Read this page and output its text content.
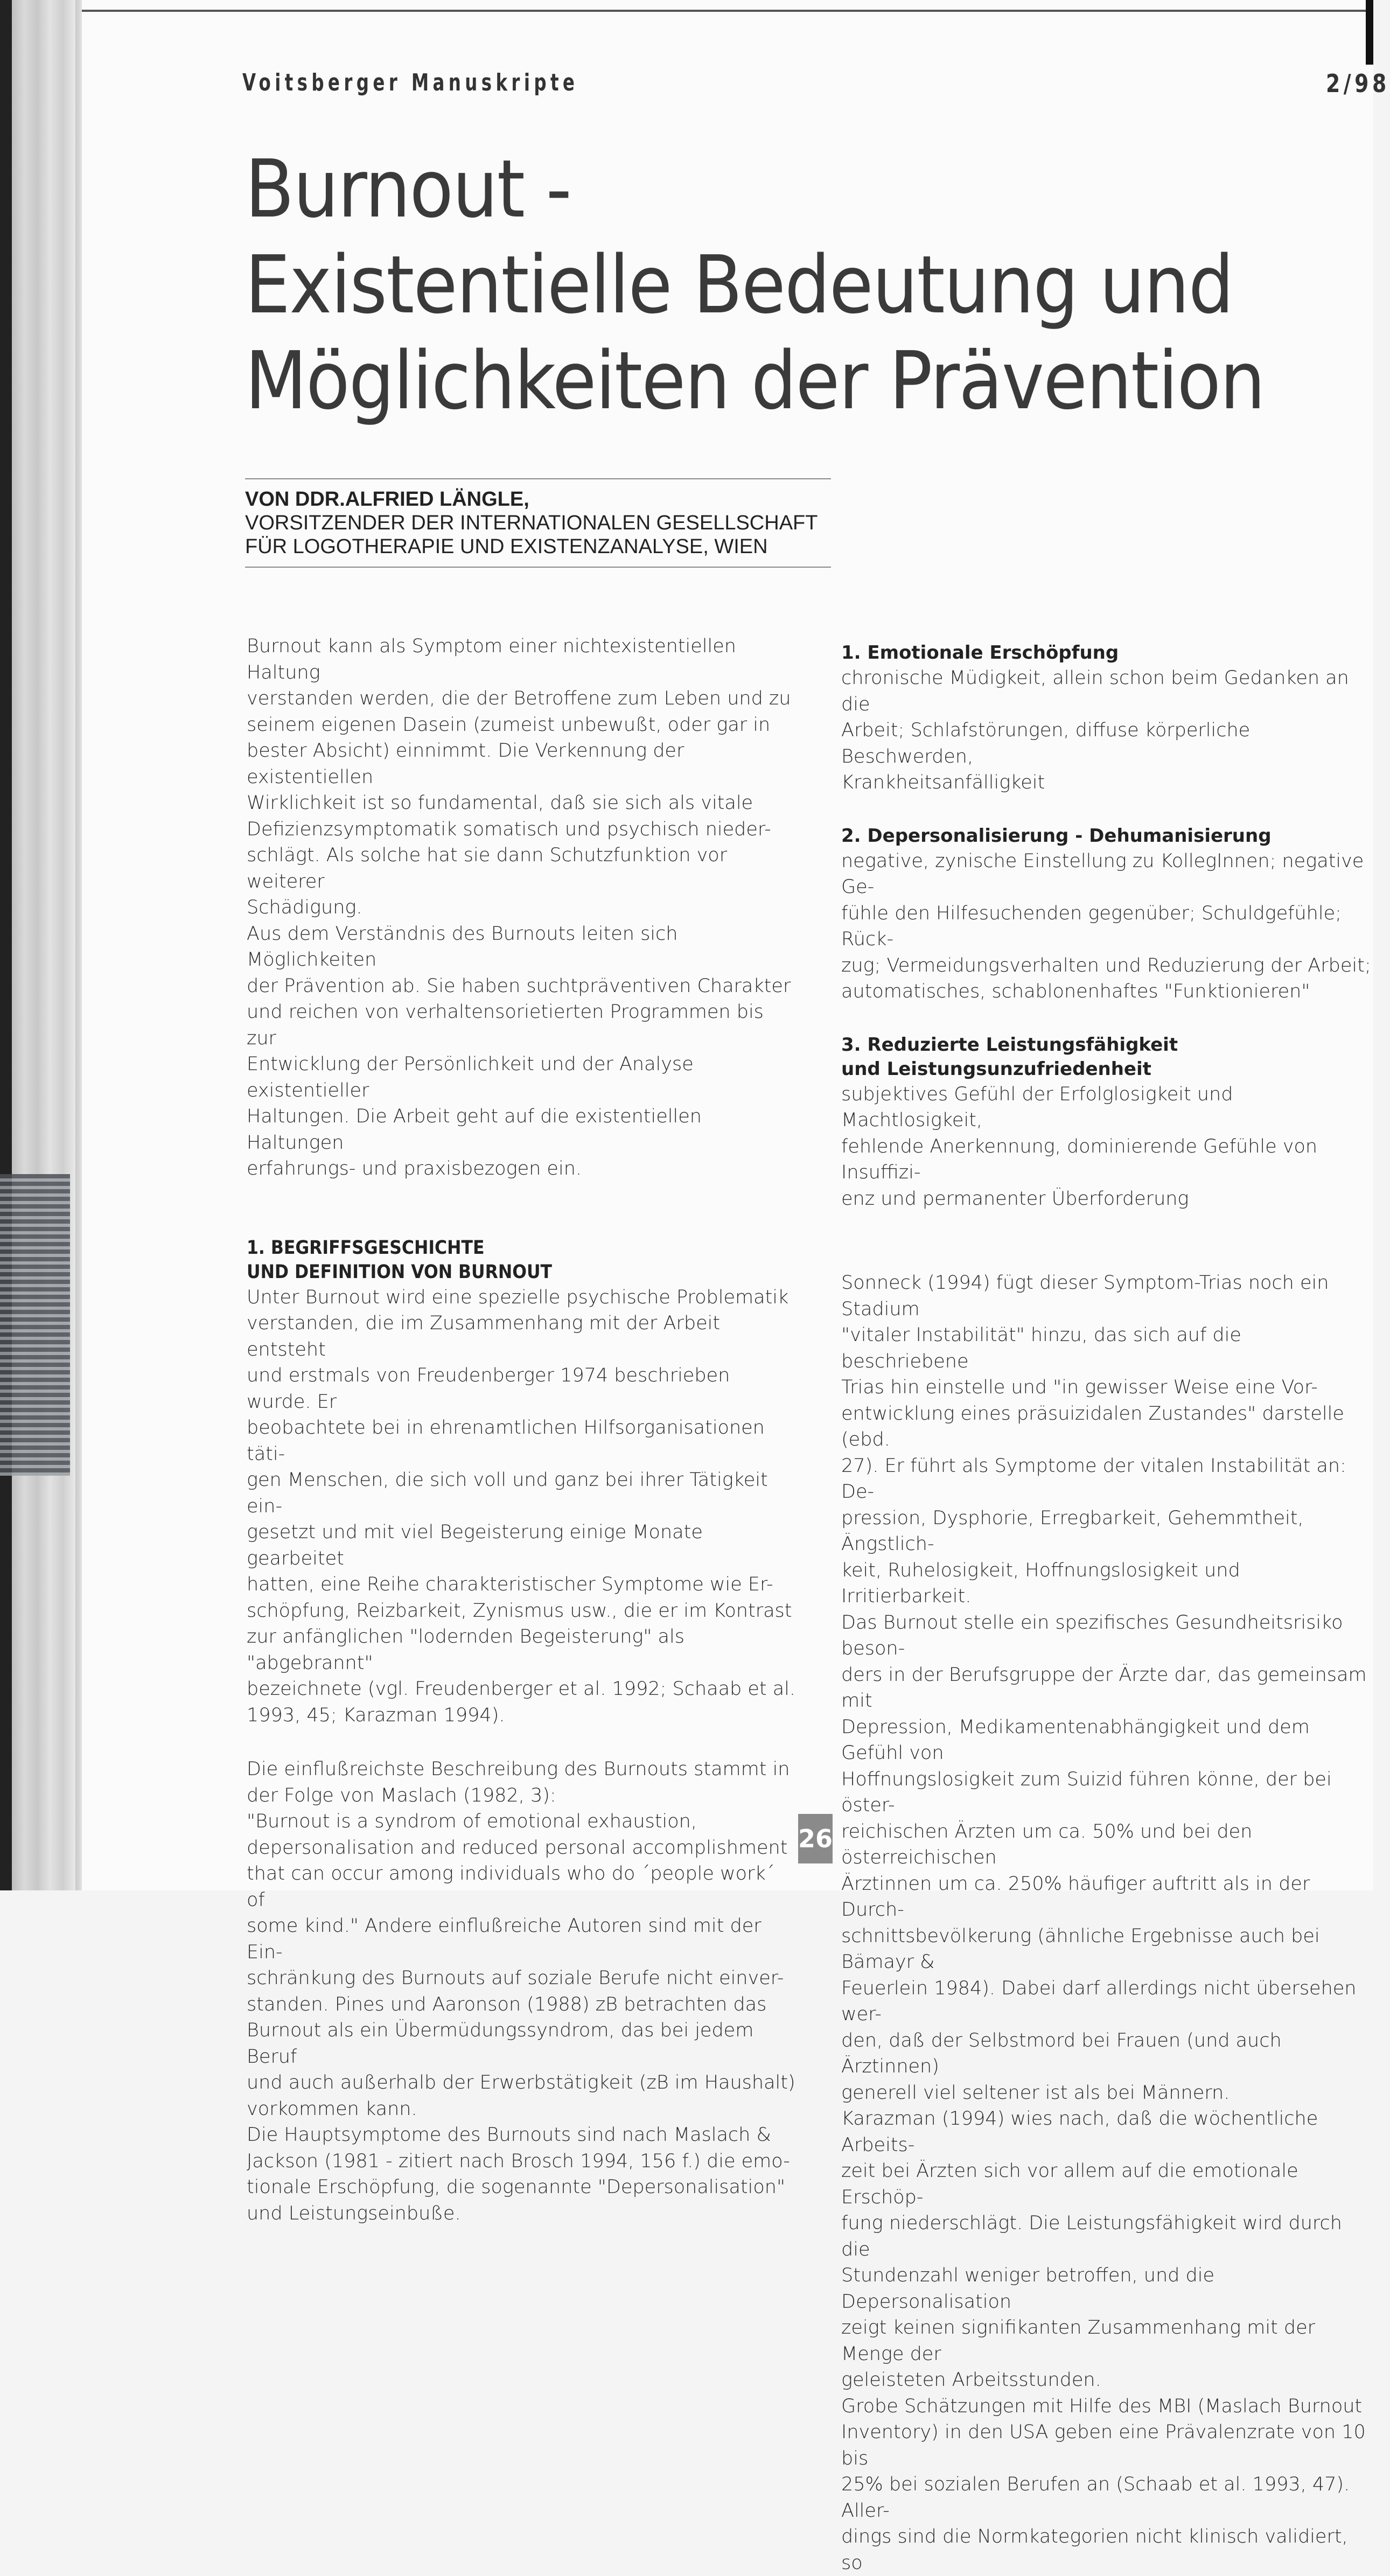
Voitsberger Manuskripte	2/98
Burnout -
Existentielle Bedeutung und
Möglichkeiten der Prävention
VON DDR.ALFRIED LÄNGLE,
VORSITZENDER DER INTERNATIONALEN GESELLSCHAFT
FÜR LOGOTHERAPIE UND EXISTENZANALYSE, WIEN

Burnout kann als Symptom einer nichtexistentiellen Haltung

verstanden werden, die der Betroffene zum Leben und zu

seinem eigenen Dasein (zumeist unbewußt, oder gar in

bester Absicht) einnimmt. Die Verkennung der existentiellen

Wirklichkeit ist so fundamental, daß sie sich als vitale

Defizienzsymptomatik somatisch und psychisch nieder-

schlägt. Als solche hat sie dann Schutzfunktion vor weiterer

Schädigung.

Aus dem Verständnis des Burnouts leiten sich Möglichkeiten

der Prävention ab. Sie haben suchtpräventiven Charakter

und reichen von verhaltensorietierten Programmen bis zur

Entwicklung der Persönlichkeit und der Analyse existentieller

Haltungen. Die Arbeit geht auf die existentiellen Haltungen

erfahrungs- und praxisbezogen ein.

1. BEGRIFFSGESCHICHTE
UND DEFINITION VON BURNOUT

Unter Burnout wird eine spezielle psychische Problematik

verstanden, die im Zusammenhang mit der Arbeit entsteht

und erstmals von Freudenberger 1974 beschrieben wurde. Er

beobachtete bei in ehrenamtlichen Hilfsorganisationen täti-

gen Menschen, die sich voll und ganz bei ihrer Tätigkeit ein-

gesetzt und mit viel Begeisterung einige Monate gearbeitet

hatten, eine Reihe charakteristischer Symptome wie Er-

schöpfung, Reizbarkeit, Zynismus usw., die er im Kontrast

zur anfänglichen "lodernden Begeisterung" als "abgebrannt"

bezeichnete (vgl. Freudenberger et al. 1992; Schaab et al.

1993, 45; Karazman 1994).

Die einflußreichste Beschreibung des Burnouts stammt in

der Folge von Maslach (1982, 3):

"Burnout is a syndrom of emotional exhaustion,

depersonalisation and reduced personal accomplishment

that can occur among individuals who do ´people work´ of

some kind." Andere einflußreiche Autoren sind mit der Ein-

schränkung des Burnouts auf soziale Berufe nicht einver-

standen. Pines und Aaronson (1988) zB betrachten das

Burnout als ein Übermüdungssyndrom, das bei jedem Beruf

und auch außerhalb der Erwerbstätigkeit (zB im Haushalt)

vorkommen kann.

Die Hauptsymptome des Burnouts sind nach Maslach &

Jackson (1981 - zitiert nach Brosch 1994, 156 f.) die emo-

tionale Erschöpfung, die sogenannte "Depersonalisation"

und Leistungseinbuße.

1. Emotionale Erschöpfung

chronische Müdigkeit, allein schon beim Gedanken an die

Arbeit; Schlafstörungen, diffuse körperliche Beschwerden,

Krankheitsanfälligkeit

2. Depersonalisierung - Dehumanisierung

negative, zynische Einstellung zu KollegInnen; negative Ge-

fühle den Hilfesuchenden gegenüber; Schuldgefühle; Rück-

zug; Vermeidungsverhalten und Reduzierung der Arbeit;

automatisches, schablonenhaftes "Funktionieren"

3. Reduzierte Leistungsfähigkeit
und Leistungsunzufriedenheit

subjektives Gefühl der Erfolglosigkeit und Machtlosigkeit,

fehlende Anerkennung, dominierende Gefühle von Insuffizi-

enz und permanenter Überforderung

Sonneck (1994) fügt dieser Symptom-Trias noch ein Stadium

"vitaler Instabilität" hinzu, das sich auf die beschriebene

Trias hin einstelle und "in gewisser Weise eine Vor-

entwicklung eines präsuizidalen Zustandes" darstelle (ebd.

27). Er führt als Symptome der vitalen Instabilität an: De-

pression, Dysphorie, Erregbarkeit, Gehemmtheit, Ängstlich-

keit, Ruhelosigkeit, Hoffnungslosigkeit und Irritierbarkeit.

Das Burnout stelle ein spezifisches Gesundheitsrisiko beson-

ders in der Berufsgruppe der Ärzte dar, das gemeinsam mit

Depression, Medikamentenabhängigkeit und dem Gefühl von

Hoffnungslosigkeit zum Suizid führen könne, der bei öster-

reichischen Ärzten um ca. 50% und bei den österreichischen

Ärztinnen um ca. 250% häufiger auftritt als in der Durch-

schnittsbevölkerung (ähnliche Ergebnisse auch bei Bämayr &

Feuerlein 1984). Dabei darf allerdings nicht übersehen wer-

den, daß der Selbstmord bei Frauen (und auch Ärztinnen)

generell viel seltener ist als bei Männern.

Karazman (1994) wies nach, daß die wöchentliche Arbeits-

zeit bei Ärzten sich vor allem auf die emotionale Erschöp-

fung niederschlägt. Die Leistungsfähigkeit wird durch die

Stundenzahl weniger betroffen, und die Depersonalisation

zeigt keinen signifikanten Zusammenhang mit der Menge der

geleisteten Arbeitsstunden.

Grobe Schätzungen mit Hilfe des MBI (Maslach Burnout

Inventory) in den USA geben eine Prävalenzrate von 10 bis

25% bei sozialen Berufen an (Schaab et al. 1993, 47). Aller-

dings sind die Normkategorien nicht klinisch validiert, so

26
